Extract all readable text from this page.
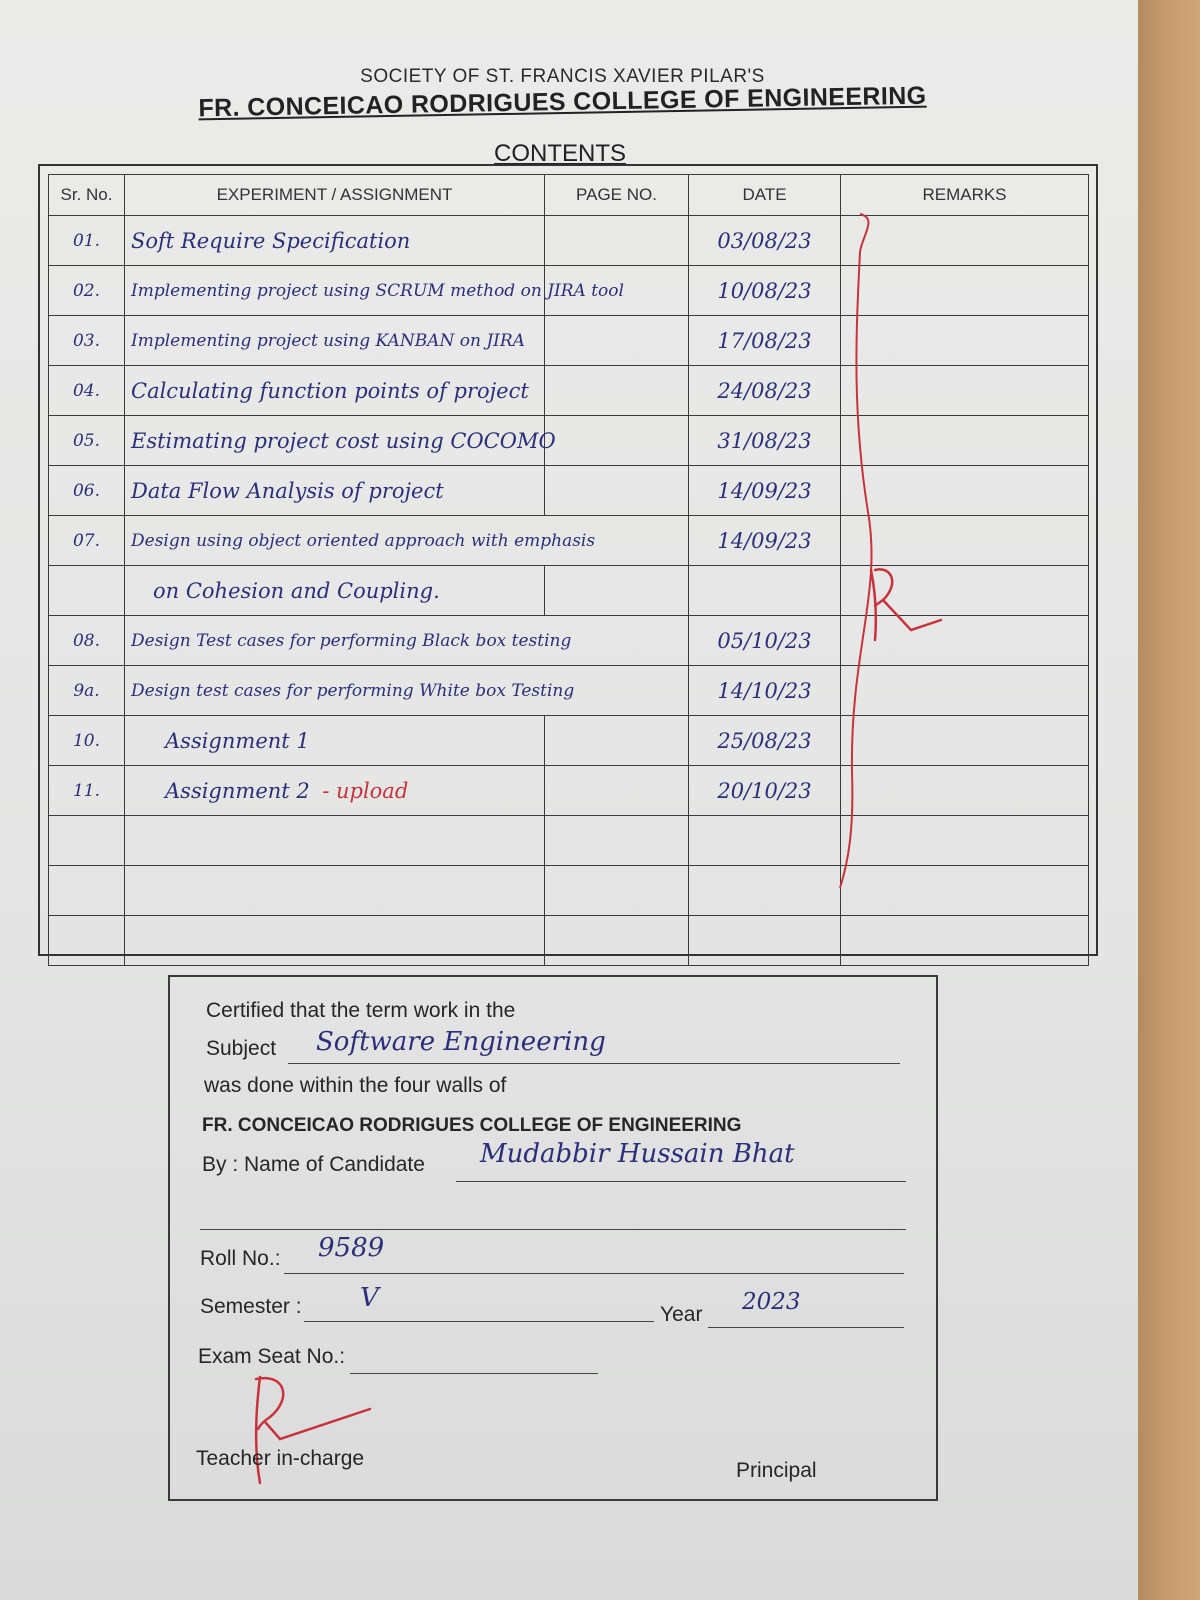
SOCIETY OF ST. FRANCIS XAVIER PILAR'S
FR. CONCEICAO RODRIGUES COLLEGE OF ENGINEERING
CONTENTS
Sr. No.	EXPERIMENT / ASSIGNMENT	PAGE NO.	DATE	REMARKS
01.	Soft Require Specification		03/08/23	
02.	Implementing project using SCRUM method on JIRA tool		10/08/23	
03.	Implementing project using KANBAN on JIRA		17/08/23	
04.	Calculating function points of project		24/08/23	
05.	Estimating project cost using COCOMO		31/08/23	
06.	Data Flow Analysis of project		14/09/23	
07.	Design using object oriented approach with emphasis		14/09/23	
	on Cohesion and Coupling.			

08.	Design Test cases for performing Black box testing		05/10/23	
9a.	Design test cases for performing White box Testing		14/10/23	
10.	Assignment 1		25/08/23	
11.	Assignment 2 - upload		20/10/23	

Certified that the term work in the
Subject Software Engineering
was done within the four walls of
FR. CONCEICAO RODRIGUES COLLEGE OF ENGINEERING
By : Name of Candidate Mudabbir Hussain Bhat
Roll No.: 9589
Semester : V
Year 2023
Exam Seat No.:
Teacher in-charge
Principal
